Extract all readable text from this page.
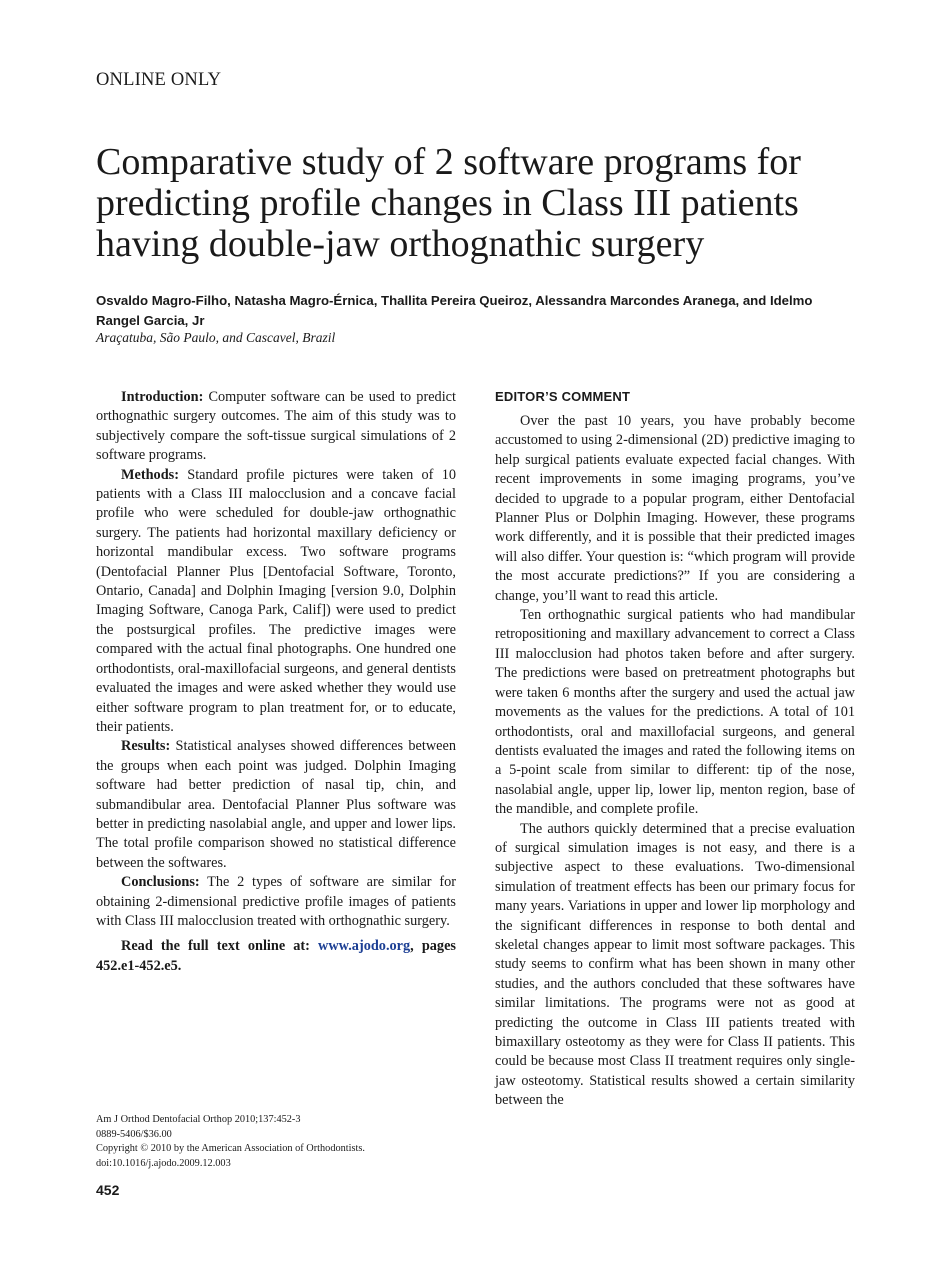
ONLINE ONLY
Comparative study of 2 software programs for predicting profile changes in Class III patients having double-jaw orthognathic surgery
Osvaldo Magro-Filho, Natasha Magro-Érnica, Thallita Pereira Queiroz, Alessandra Marcondes Aranega, and Idelmo Rangel Garcia, Jr
Araçatuba, São Paulo, and Cascavel, Brazil

Introduction: Computer software can be used to predict orthognathic surgery outcomes. The aim of this study was to subjectively compare the soft-tissue surgical simulations of 2 software programs.

Methods: Standard profile pictures were taken of 10 patients with a Class III malocclusion and a concave facial profile who were scheduled for double-jaw orthognathic surgery. The patients had horizontal maxillary deficiency or horizontal mandibular excess. Two software programs (Dentofacial Planner Plus [Dentofacial Software, Toronto, Ontario, Canada] and Dolphin Imaging [version 9.0, Dolphin Imaging Software, Canoga Park, Calif]) were used to predict the postsurgical profiles. The predictive images were compared with the actual final photographs. One hundred one orthodontists, oral-maxillofacial surgeons, and general dentists evaluated the images and were asked whether they would use either software program to plan treatment for, or to educate, their patients.

Results: Statistical analyses showed differences between the groups when each point was judged. Dolphin Imaging software had better prediction of nasal tip, chin, and submandibular area. Dentofacial Planner Plus software was better in predicting nasolabial angle, and upper and lower lips. The total profile comparison showed no statistical difference between the softwares.

Conclusions: The 2 types of software are similar for obtaining 2-dimensional predictive profile images of patients with Class III malocclusion treated with orthognathic surgery.

Read the full text online at: www.ajodo.org, pages 452.e1-452.e5.

EDITOR’S COMMENT

Over the past 10 years, you have probably become accustomed to using 2-dimensional (2D) predictive imaging to help surgical patients evaluate expected facial changes. With recent improvements in some imaging programs, you’ve decided to upgrade to a popular program, either Dentofacial Planner Plus or Dolphin Imaging. However, these programs work differently, and it is possible that their predicted images will also differ. Your question is: “which program will provide the most accurate predictions?” If you are considering a change, you’ll want to read this article.

Ten orthognathic surgical patients who had mandibular retropositioning and maxillary advancement to correct a Class III malocclusion had photos taken before and after surgery. The predictions were based on pretreatment photographs but were taken 6 months after the surgery and used the actual jaw movements as the values for the predictions. A total of 101 orthodontists, oral and maxillofacial surgeons, and general dentists evaluated the images and rated the following items on a 5-point scale from similar to different: tip of the nose, nasolabial angle, upper lip, lower lip, menton region, base of the mandible, and complete profile.

The authors quickly determined that a precise evaluation of surgical simulation images is not easy, and there is a subjective aspect to these evaluations. Two-dimensional simulation of treatment effects has been our primary focus for many years. Variations in upper and lower lip morphology and the significant differences in response to both dental and skeletal changes appear to limit most software packages. This study seems to confirm what has been shown in many other studies, and the authors concluded that these softwares have similar limitations. The programs were not as good at predicting the outcome in Class III patients treated with bimaxillary osteotomy as they were for Class II patients. This could be because most Class II treatment requires only single-jaw osteotomy. Statistical results showed a certain similarity between the

Am J Orthod Dentofacial Orthop 2010;137:452-3
0889-5406/$36.00
Copyright © 2010 by the American Association of Orthodontists.
doi:10.1016/j.ajodo.2009.12.003
452
